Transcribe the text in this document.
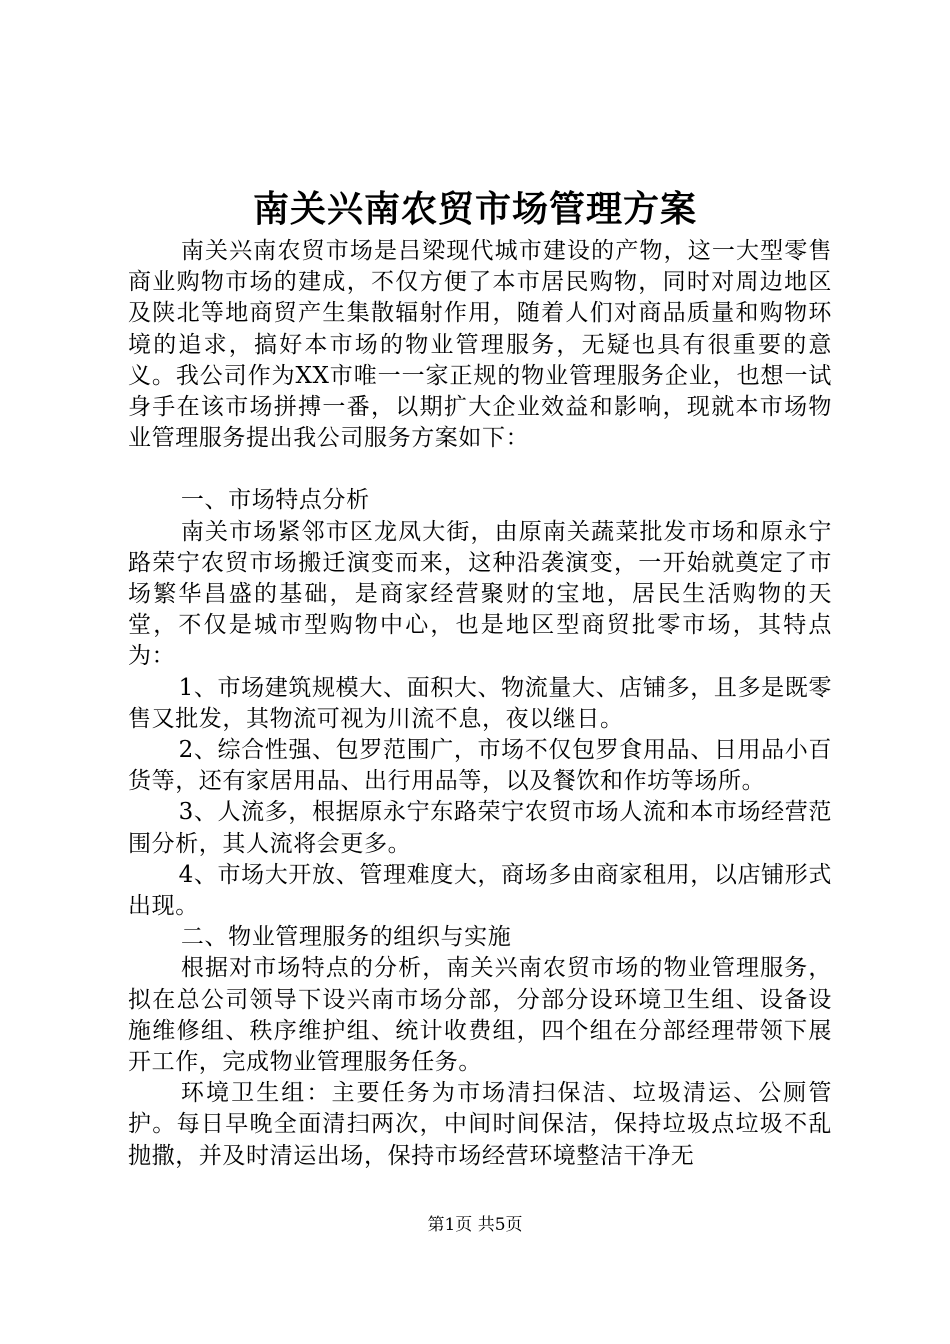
南关兴南农贸市场管理方案

南关兴南农贸市场是吕梁现代城市建设的产物，这一大型零售商业购物市场的建成，不仅方便了本市居民购物，同时对周边地区及陕北等地商贸产生集散辐射作用，随着人们对商品质量和购物环境的追求，搞好本市场的物业管理服务，无疑也具有很重要的意义。我公司作为XX市唯一一家正规的物业管理服务企业，也想一试身手在该市场拼搏一番，以期扩大企业效益和影响，现就本市场物业管理服务提出我公司服务方案如下：

一、市场特点分析

南关市场紧邻市区龙凤大街，由原南关蔬菜批发市场和原永宁路荣宁农贸市场搬迁演变而来，这种沿袭演变，一开始就奠定了市场繁华昌盛的基础，是商家经营聚财的宝地，居民生活购物的天堂，不仅是城市型购物中心，也是地区型商贸批零市场，其特点为：

1、市场建筑规模大、面积大、物流量大、店铺多，且多是既零售又批发，其物流可视为川流不息，夜以继日。

2、综合性强、包罗范围广，市场不仅包罗食用品、日用品小百货等，还有家居用品、出行用品等，以及餐饮和作坊等场所。

3、人流多，根据原永宁东路荣宁农贸市场人流和本市场经营范围分析，其人流将会更多。

4、市场大开放、管理难度大，商场多由商家租用，以店铺形式出现。

二、物业管理服务的组织与实施

根据对市场特点的分析，南关兴南农贸市场的物业管理服务，拟在总公司领导下设兴南市场分部，分部分设环境卫生组、设备设施维修组、秩序维护组、统计收费组，四个组在分部经理带领下展开工作，完成物业管理服务任务。

环境卫生组：主要任务为市场清扫保洁、垃圾清运、公厕管护。每日早晚全面清扫两次，中间时间保洁，保持垃圾点垃圾不乱抛撒，并及时清运出场，保持市场经营环境整洁干净无

第1页 共5页
